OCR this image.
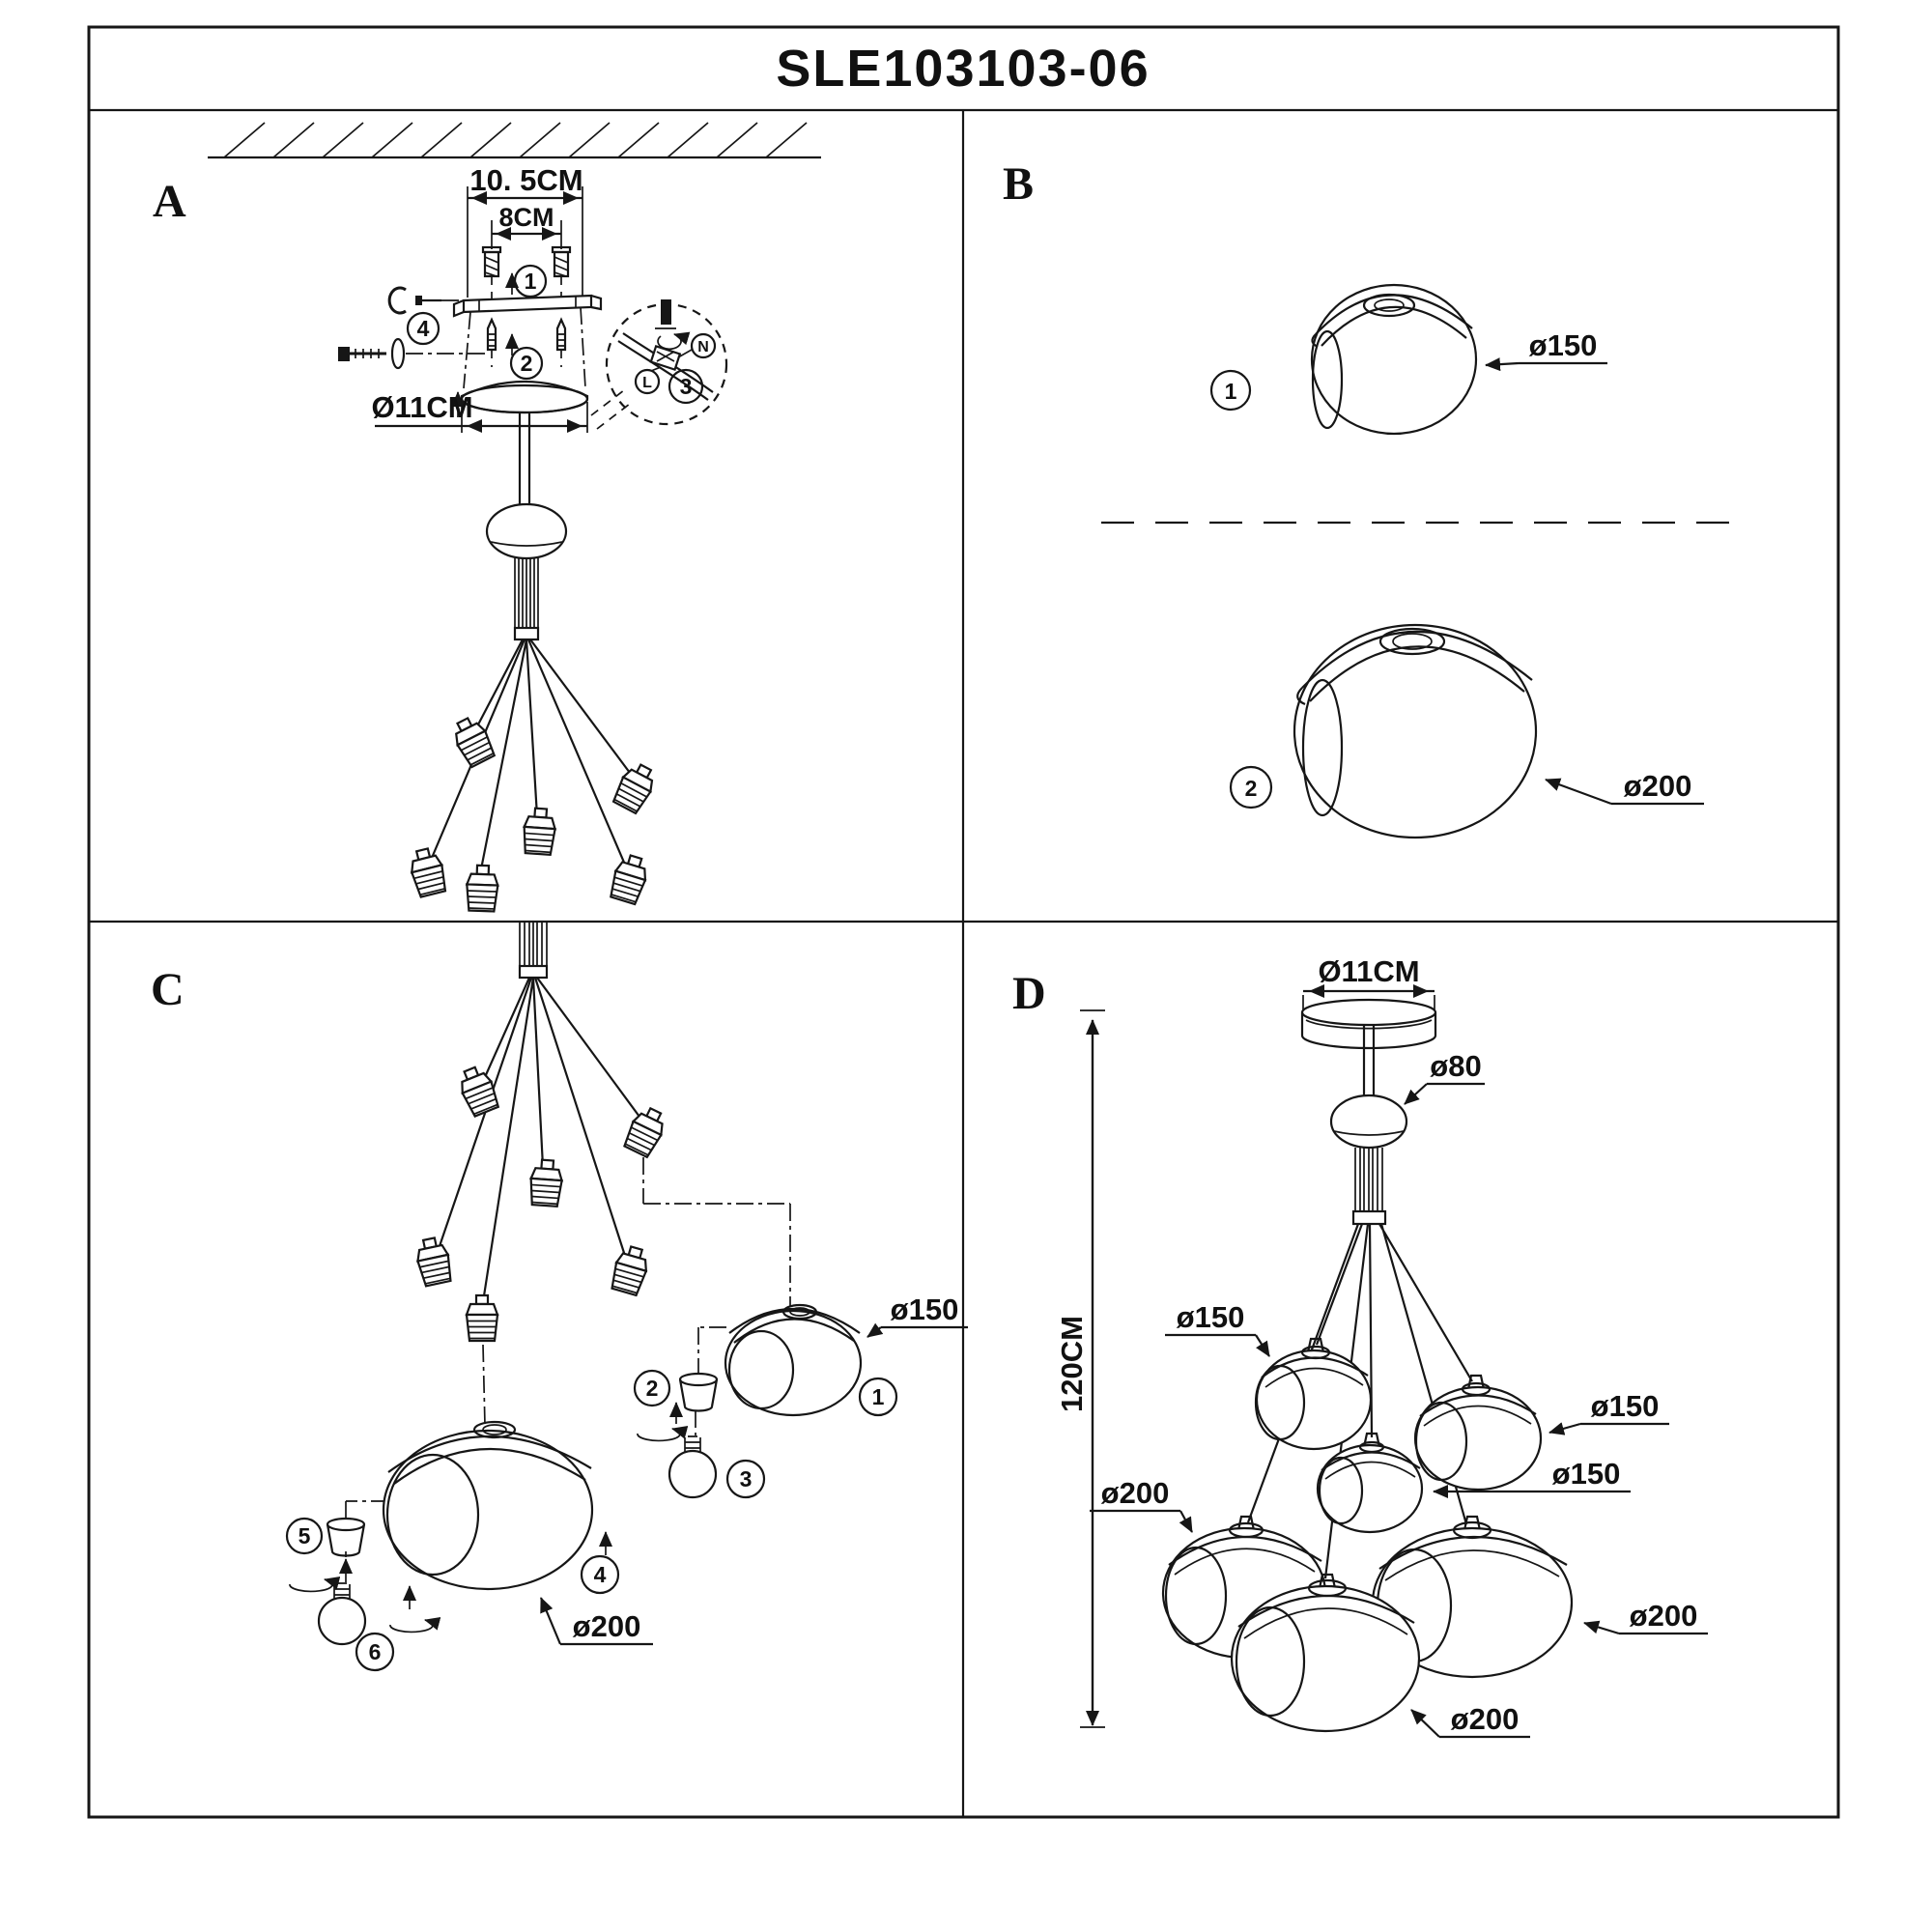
SLE103103-06
A	10. 5CM
8CM
1
4
2
Ø11CM
N
L 3
B
1
ø150
2	ø200
C
ø150
1
2
3
5
6
4
ø200
D
120CM
Ø11CM
ø80
ø150
ø150
ø150
ø200
ø200
ø200
